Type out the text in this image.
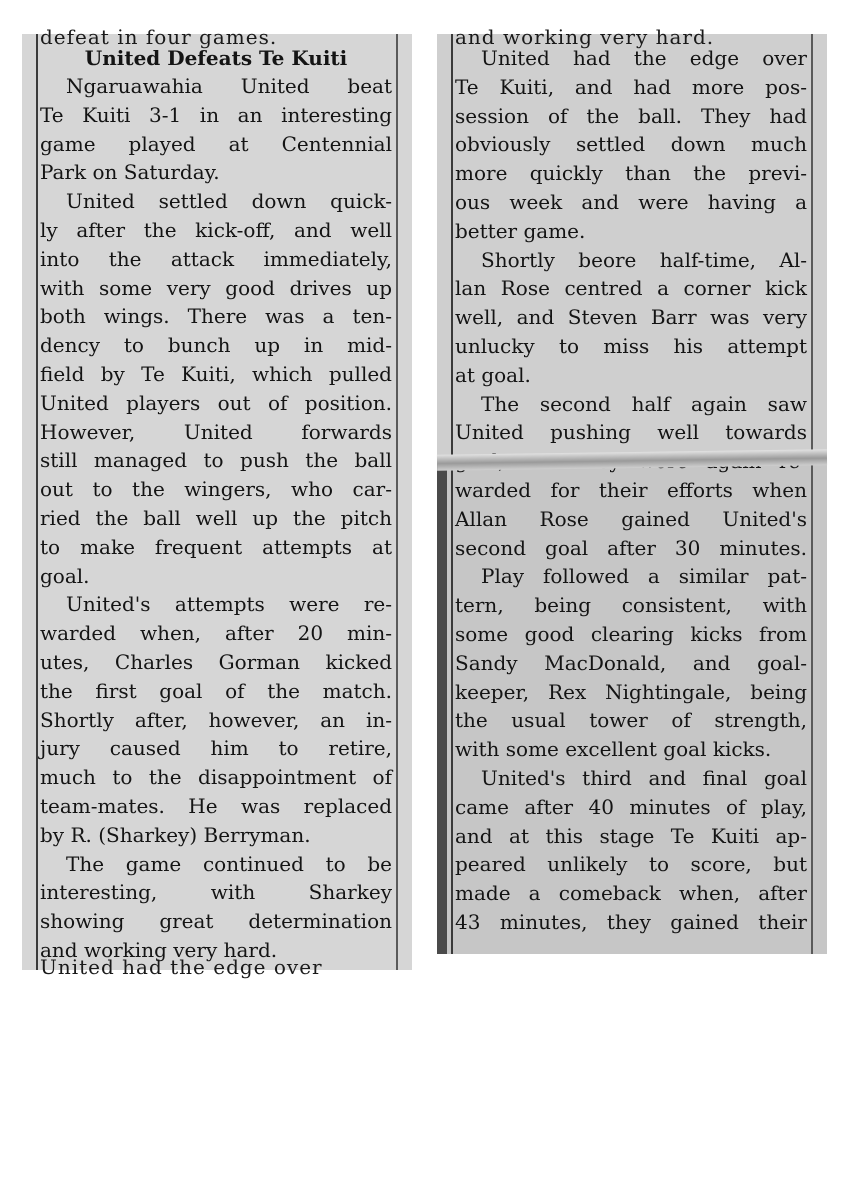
defeat in four games.
United Defeats Te Kuiti
Ngaruawahia United beat
Te Kuiti 3-1 in an interesting
game played at Centennial
Park on Saturday.
United settled down quick-
ly after the kick-off, and well
into the attack immediately,
with some very good drives up
both wings. There was a ten-
dency to bunch up in mid-
field by Te Kuiti, which pulled
United players out of position.
However, United forwards
still managed to push the ball
out to the wingers, who car-
ried the ball well up the pitch
to make frequent attempts at
goal.
United's attempts were re-
warded when, after 20 min-
utes, Charles Gorman kicked
the first goal of the match.
Shortly after, however, an in-
jury caused him to retire,
much to the disappointment of
team-mates. He was replaced
by R. (Sharkey) Berryman.
The game continued to be
interesting, with Sharkey
showing great determination
and working very hard.
United had the edge over
and working very hard.
United had the edge over
Te Kuiti, and had more pos-
session of the ball. They had
obviously settled down much
more quickly than the previ-
ous week and were having a
better game.
Shortly beore half-time, Al-
lan Rose centred a corner kick
well, and Steven Barr was very
unlucky to miss his attempt
at goal.
The second half again saw
United pushing well towards
warded for their efforts when
Allan Rose gained United's
second goal after 30 minutes.
Play followed a similar pat-
tern, being consistent, with
some good clearing kicks from
Sandy MacDonald, and goal-
keeper, Rex Nightingale, being
the usual tower of strength,
with some excellent goal kicks.
United's third and final goal
came after 40 minutes of play,
and at this stage Te Kuiti ap-
peared unlikely to score, but
made a comeback when, after
43 minutes, they gained their
